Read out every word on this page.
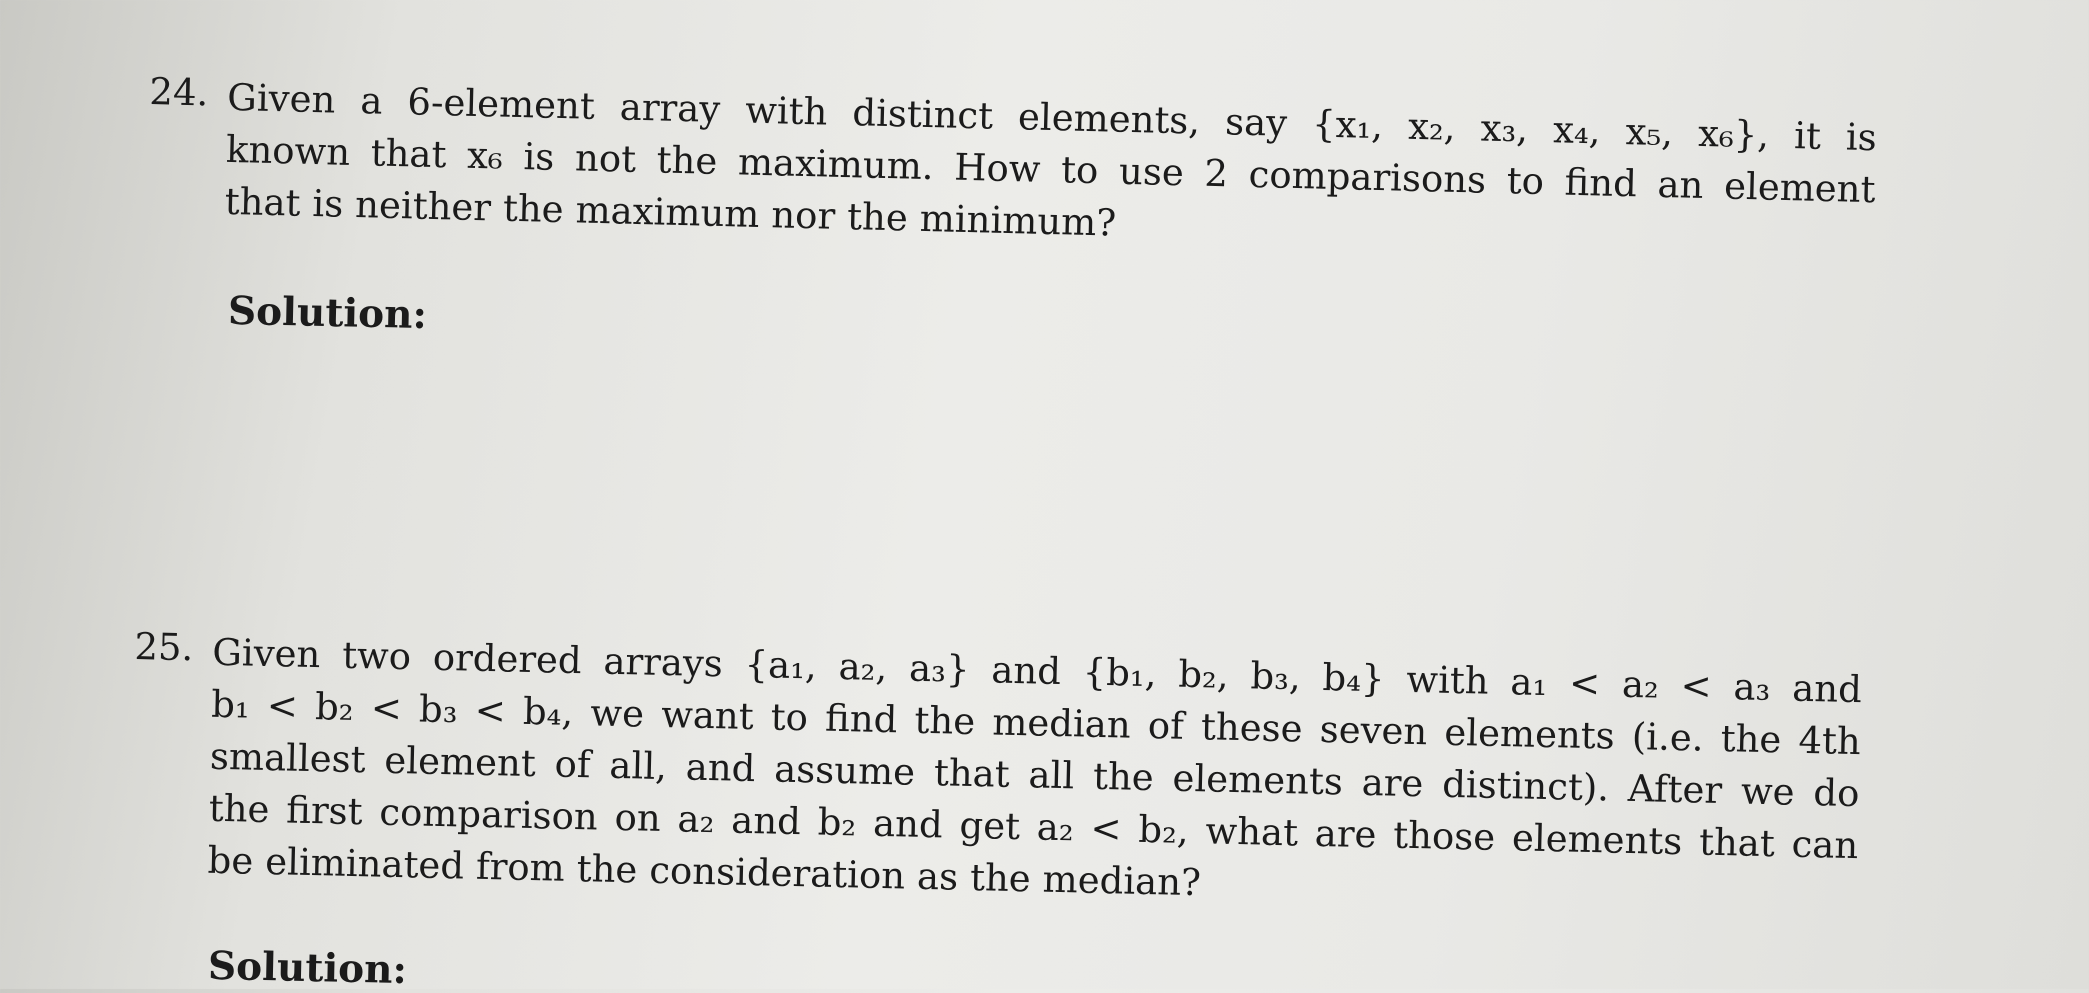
24. Given a 6-element array with distinct elements, say {x₁, x₂, x₃, x₄, x₅, x₆}, it is
known that x₆ is not the maximum. How to use 2 comparisons to find an element
that is neither the maximum nor the minimum?
Solution:
25. Given two ordered arrays {a₁, a₂, a₃} and {b₁, b₂, b₃, b₄} with a₁ < a₂ < a₃ and
b₁ < b₂ < b₃ < b₄, we want to find the median of these seven elements (i.e. the 4th
smallest element of all, and assume that all the elements are distinct). After we do
the first comparison on a₂ and b₂ and get a₂ < b₂, what are those elements that can
be eliminated from the consideration as the median?
Solution:
